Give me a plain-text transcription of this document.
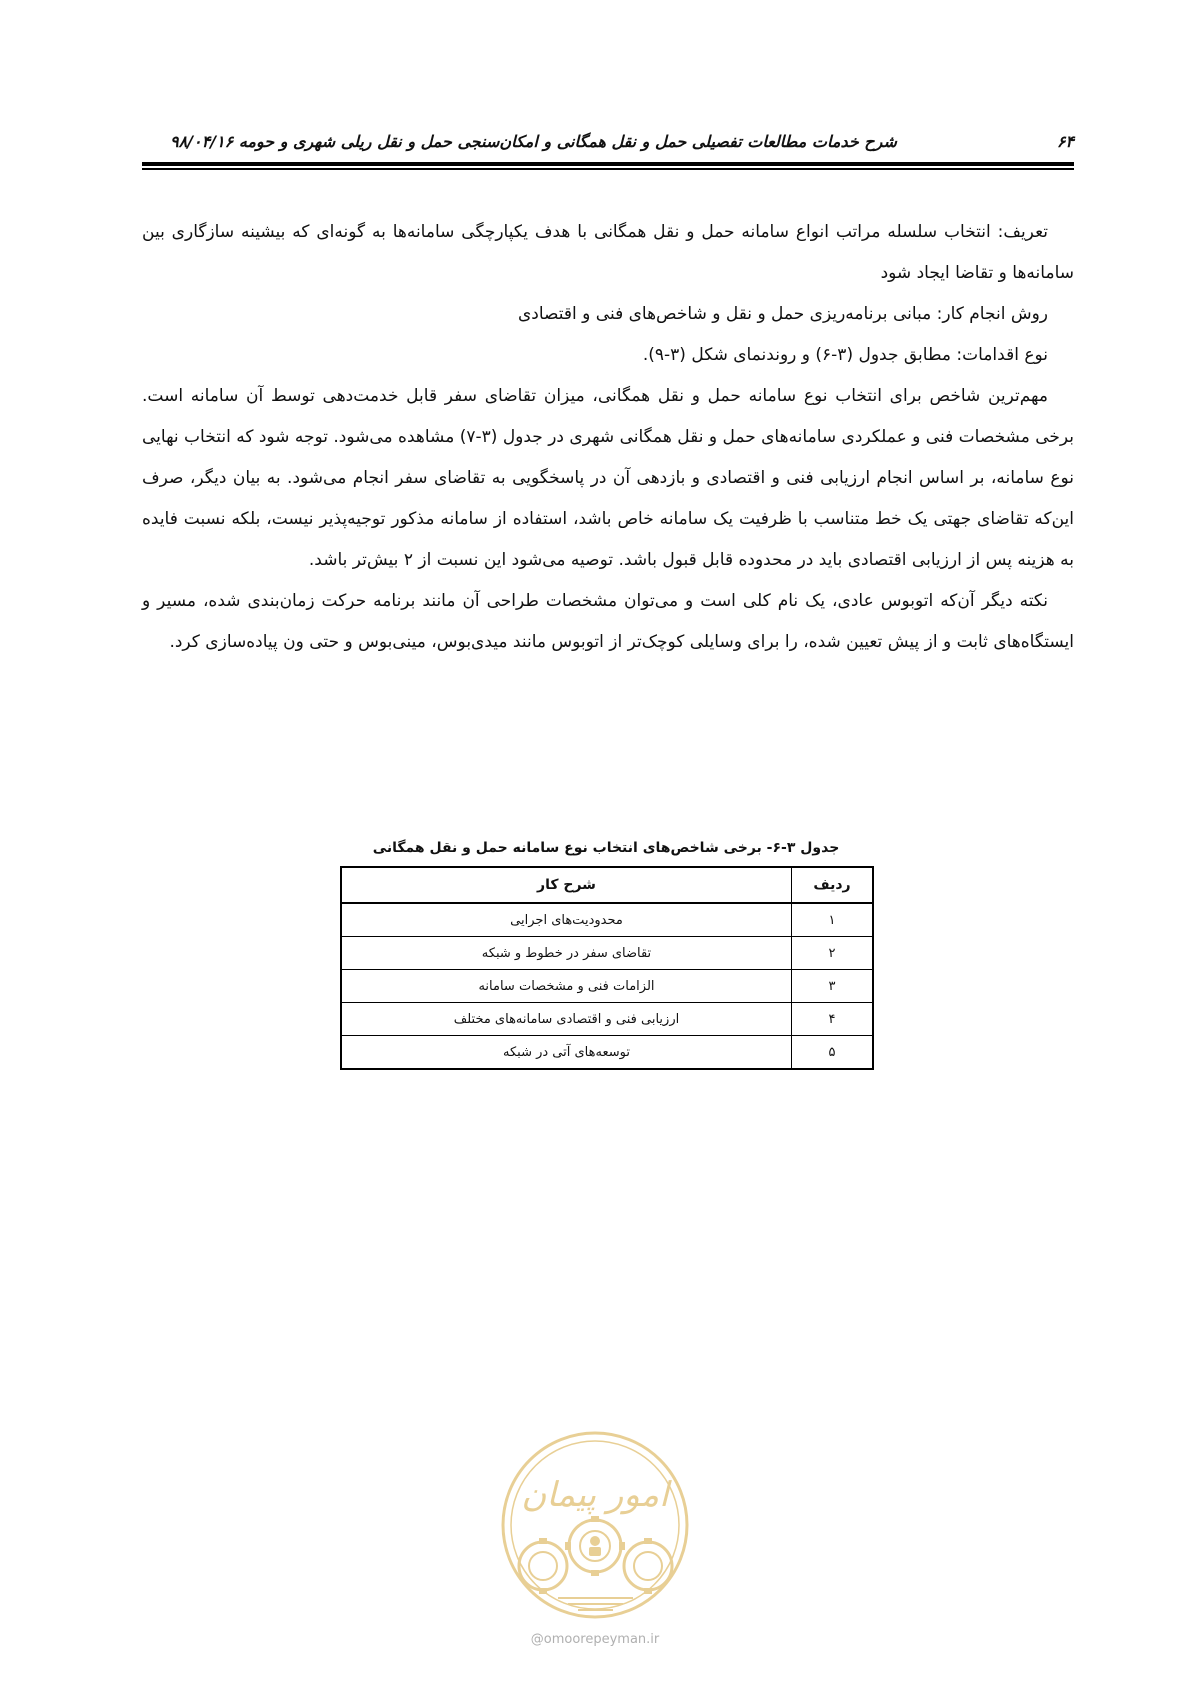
۶۴
شرح خدمات مطالعات تفصیلی حمل و نقل همگانی و امکان‌سنجی حمل و نقل ریلی شهری و حومه ۹۸/۰۴/۱۶

تعریف: انتخاب سلسله مراتب انواع سامانه حمل و نقل همگانی با هدف یکپارچگی سامانه‌ها به گونه‌ای که بیشینه سازگاری بین سامانه‌ها و تقاضا ایجاد شود

روش انجام کار: مبانی برنامه‌ریزی حمل و نقل و شاخص‌های فنی و اقتصادی

نوع اقدامات: مطابق جدول (۳-۶) و روندنمای شکل (۳-۹).

مهم‌ترین شاخص برای انتخاب نوع سامانه حمل و نقل همگانی، میزان تقاضای سفر قابل خدمت‌دهی توسط آن سامانه است. برخی مشخصات فنی و عملکردی سامانه‌های حمل و نقل همگانی شهری در جدول (۳-۷) مشاهده می‌شود. توجه شود که انتخاب نهایی نوع سامانه، بر اساس انجام ارزیابی فنی و اقتصادی و بازدهی آن در پاسخگویی به تقاضای سفر انجام می‌شود. به بیان دیگر، صرف این‌که تقاضای جهتی یک خط متناسب با ظرفیت یک سامانه خاص باشد، استفاده از سامانه مذکور توجیه‌پذیر نیست، بلکه نسبت فایده به هزینه پس از ارزیابی اقتصادی باید در محدوده قابل قبول باشد. توصیه می‌شود این نسبت از ۲ بیش‌تر باشد.

نکته دیگر آن‌که اتوبوس عادی، یک نام کلی است و می‌توان مشخصات طراحی آن مانند برنامه حرکت زمان‌بندی شده، مسیر و ایستگاه‌های ثابت و از پیش تعیین شده، را برای وسایلی کوچک‌تر از اتوبوس مانند میدی‌بوس، مینی‌بوس و حتی ون پیاده‌سازی کرد.

جدول ۳-۶- برخی شاخص‌های انتخاب نوع سامانه حمل و نقل همگانی
ردیف	شرح کار
۱	محدودیت‌های اجرایی
۲	تقاضای سفر در خطوط و شبکه
۳	الزامات فنی و مشخصات سامانه
۴	ارزیابی فنی و اقتصادی سامانه‌های مختلف
۵	توسعه‌های آتی در شبکه
امور پیمان
@omoorepeyman.ir
